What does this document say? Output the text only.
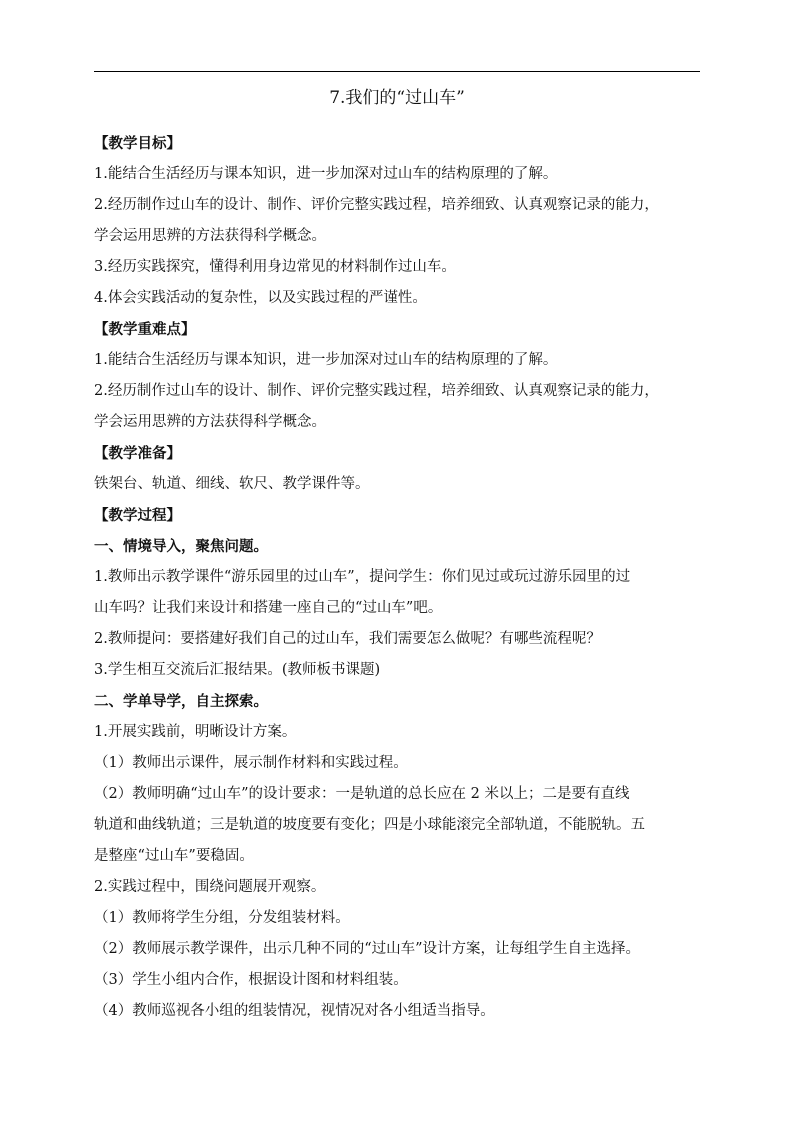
7.我们的“过山车”
【教学目标】
1.能结合生活经历与课本知识，进一步加深对过山车的结构原理的了解。
2.经历制作过山车的设计、制作、评价完整实践过程，培养细致、认真观察记录的能力，
学会运用思辨的方法获得科学概念。
3.经历实践探究，懂得利用身边常见的材料制作过山车。
4.体会实践活动的复杂性，以及实践过程的严谨性。
【教学重难点】
1.能结合生活经历与课本知识，进一步加深对过山车的结构原理的了解。
2.经历制作过山车的设计、制作、评价完整实践过程，培养细致、认真观察记录的能力，
学会运用思辨的方法获得科学概念。
【教学准备】
铁架台、轨道、细线、软尺、教学课件等。
【教学过程】
一、情境导入，聚焦问题。
1.教师出示教学课件“游乐园里的过山车”，提问学生：你们见过或玩过游乐园里的过
山车吗？让我们来设计和搭建一座自己的“过山车”吧。
2.教师提问：要搭建好我们自己的过山车，我们需要怎么做呢？有哪些流程呢？
3.学生相互交流后汇报结果。(教师板书课题)
二、学单导学，自主探索。
1.开展实践前，明晰设计方案。
（1）教师出示课件，展示制作材料和实践过程。
（2）教师明确“过山车”的设计要求：一是轨道的总长应在 2 米以上；二是要有直线
轨道和曲线轨道；三是轨道的坡度要有变化；四是小球能滚完全部轨道，不能脱轨。五
是整座“过山车”要稳固。
2.实践过程中，围绕问题展开观察。
（1）教师将学生分组，分发组装材料。
（2）教师展示教学课件，出示几种不同的“过山车”设计方案，让每组学生自主选择。
（3）学生小组内合作，根据设计图和材料组装。
（4）教师巡视各小组的组装情况，视情况对各小组适当指导。
